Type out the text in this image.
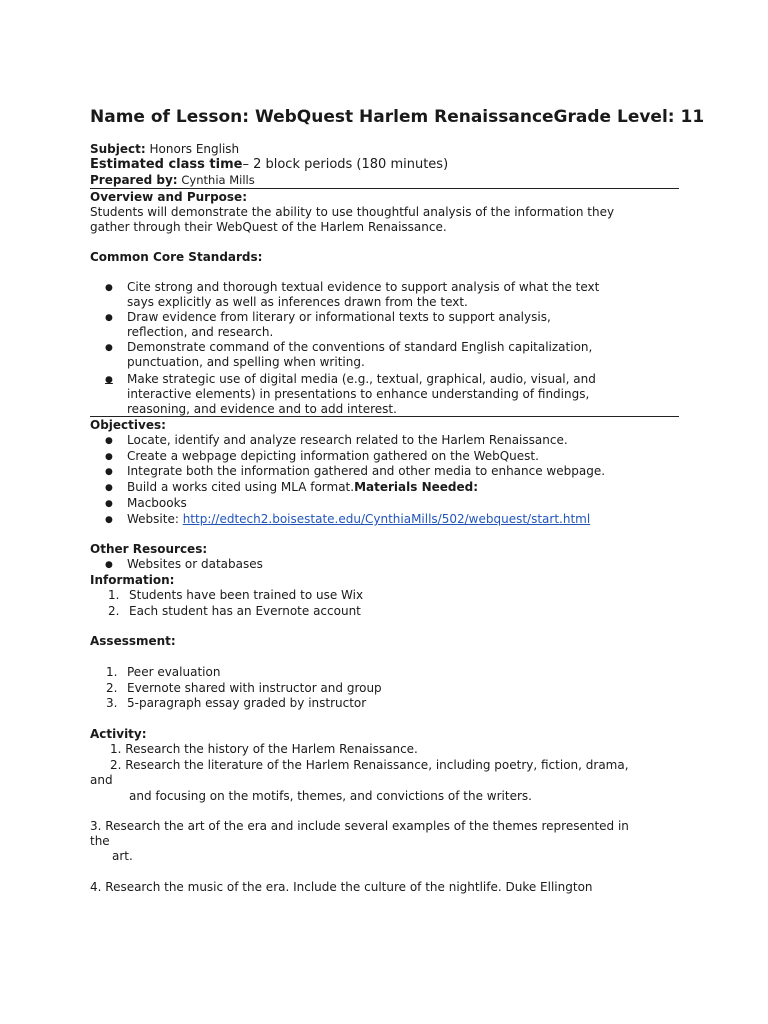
Name of Lesson: WebQuest Harlem RenaissanceGrade Level: 11
Subject: Honors English
Estimated class time– 2 block periods (180 minutes)
Prepared by: Cynthia Mills
Overview and Purpose:
Students will demonstrate the ability to use thoughtful analysis of the information they
gather through their WebQuest of the Harlem Renaissance.
Common Core Standards:
● Cite strong and thorough textual evidence to support analysis of what the text
says explicitly as well as inferences drawn from the text.
● Draw evidence from literary or informational texts to support analysis,
reflection, and research.
● Demonstrate command of the conventions of standard English capitalization,
punctuation, and spelling when writing.
● Make strategic use of digital media (e.g., textual, graphical, audio, visual, and
interactive elements) in presentations to enhance understanding of findings,
reasoning, and evidence and to add interest.
Objectives:
● Locate, identify and analyze research related to the Harlem Renaissance.
● Create a webpage depicting information gathered on the WebQuest.
● Integrate both the information gathered and other media to enhance webpage.
● Build a works cited using MLA format.Materials Needed:
● Macbooks
● Website: http://edtech2.boisestate.edu/CynthiaMills/502/webquest/start.html
Other Resources:
● Websites or databases
Information:
1. Students have been trained to use Wix
2. Each student has an Evernote account
Assessment:
1. Peer evaluation
2. Evernote shared with instructor and group
3. 5-paragraph essay graded by instructor
Activity:
1. Research the history of the Harlem Renaissance.
2. Research the literature of the Harlem Renaissance, including poetry, fiction, drama,
and
and focusing on the motifs, themes, and convictions of the writers.
3. Research the art of the era and include several examples of the themes represented in
the
art.
4. Research the music of the era. Include the culture of the nightlife. Duke Ellington
